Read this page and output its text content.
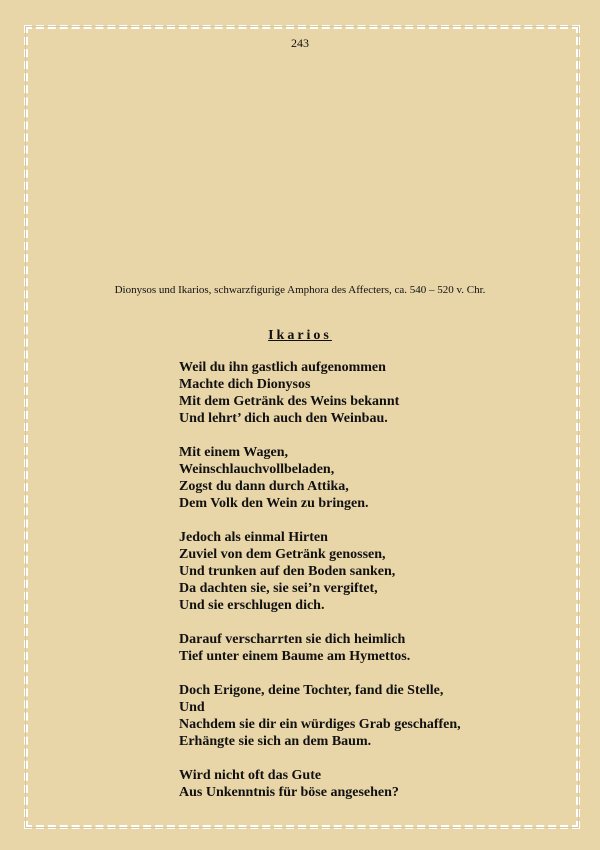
243
Dionysos und Ikarios, schwarzfigurige Amphora des Affecters, ca. 540 – 520 v. Chr.
Ikarios
Weil du ihn gastlich aufgenommen
Machte dich Dionysos
Mit dem Getränk des Weins bekannt
Und lehrt’ dich auch den Weinbau.
Mit einem Wagen,
Weinschlauchvollbeladen,
Zogst du dann durch Attika,
Dem Volk den Wein zu bringen.
Jedoch als einmal Hirten
Zuviel von dem Getränk genossen,
Und trunken auf den Boden sanken,
Da dachten sie, sie sei’n vergiftet,
Und sie erschlugen dich.
Darauf verscharrten sie dich heimlich
Tief unter einem Baume am Hymettos.
Doch Erigone, deine Tochter, fand die Stelle,
Und
Nachdem sie dir ein würdiges Grab geschaffen,
Erhängte sie sich an dem Baum.
Wird nicht oft das Gute
Aus Unkenntnis für böse angesehen?
